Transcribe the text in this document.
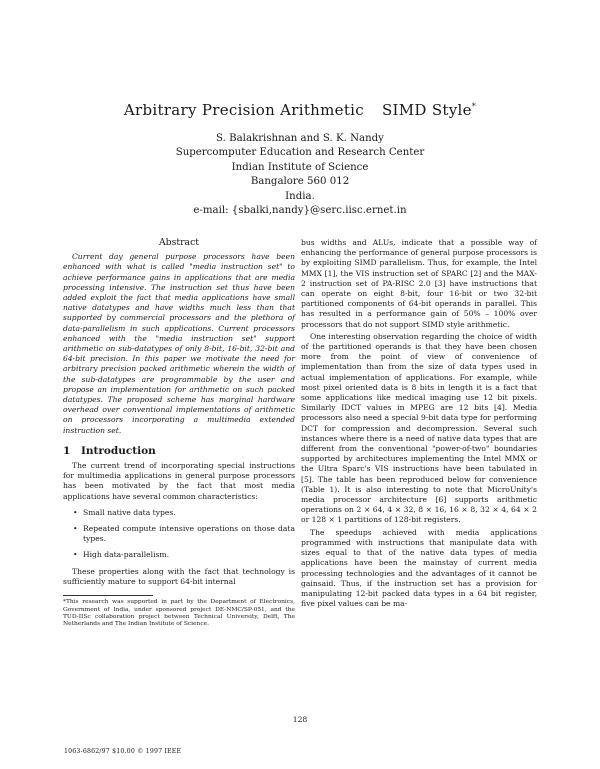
Arbitrary Precision Arithmetic SIMD Style*
S. Balakrishnan and S. K. Nandy
Supercomputer Education and Research Center
Indian Institute of Science
Bangalore 560 012
India.
e-mail: {sbalki,nandy}@serc.iisc.ernet.in
Abstract

Current day general purpose processors have been enhanced with what is called "media instruction set" to achieve performance gains in applications that are media processing intensive. The instruction set thus have been added exploit the fact that media applications have small native datatypes and have widths much less than that supported by commercial processors and the plethora of data-parallelism in such applications. Current processors enhanced with the "media instruction set" support arithmetic on sub-datatypes of only 8-bit, 16-bit, 32-bit and 64-bit precision. In this paper we motivate the need for arbitrary precision packed arithmetic wherein the width of the sub-datatypes are programmable by the user and propose an implementation for arithmetic on such packed datatypes. The proposed scheme has marginal hardware overhead over conventional implementations of arithmetic on processors incorporating a multimedia extended instruction set.

1 Introduction

The current trend of incorporating special instructions for multimedia applications in general purpose processors has been motivated by the fact that most media applications have several common characteristics:

• Small native data types.
• Repeated compute intensive operations on those data types.
• High data-parallelism.

These properties along with the fact that technology is sufficiently mature to support 64-bit internal

*This research was supported in part by the Department of Electronics, Government of India, under sponsored project DE-NMC/SP-051, and the TUD-IISc collaboration project between Technical University, Delft, The Netherlands and The Indian Institute of Science.

bus widths and ALUs, indicate that a possible way of enhancing the performance of general purpose processors is by exploiting SIMD parallelism. Thus, for example, the Intel MMX [1], the VIS instruction set of SPARC [2] and the MAX-2 instruction set of PA-RISC 2.0 [3] have instructions that can operate on eight 8-bit, four 16-bit or two 32-bit partitioned components of 64-bit operands in parallel. This has resulted in a performance gain of 50% – 100% over processors that do not support SIMD style arithmetic.

One interesting observation regarding the choice of width of the partitioned operands is that they have been chosen more from the point of view of convenience of implementation than from the size of data types used in actual implementation of applications. For example, while most pixel oriented data is 8 bits in length it is a fact that some applications like medical imaging use 12 bit pixels. Similarly IDCT values in MPEG are 12 bits [4]. Media processors also need a special 9-bit data type for performing DCT for compression and decompression. Several such instances where there is a need of native data types that are different from the conventional "power-of-two" boundaries supported by architectures implementing the Intel MMX or the Ultra Sparc's VIS instructions have been tabulated in [5]. The table has been reproduced below for convenience (Table 1). It is also interesting to note that MicroUnity's media processor architecture [6] supports arithmetic operations on 2 × 64, 4 × 32, 8 × 16, 16 × 8, 32 × 4, 64 × 2 or 128 × 1 partitions of 128-bit registers.

The speedups achieved with media applications programmed with instructions that manipulate data with sizes equal to that of the native data types of media applications have been the mainstay of current media processing technologies and the advantages of it cannot be gainsaid. Thus, if the instruction set has a provision for manipulating 12-bit packed data types in a 64 bit register, five pixel values can be ma-

128
1063-6862/97 $10.00 © 1997 IEEE
